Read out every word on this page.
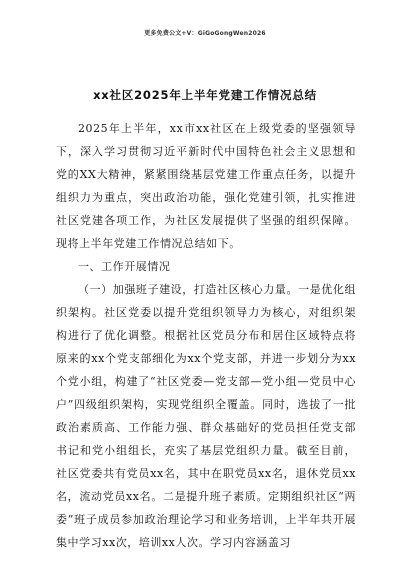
更多免费公文+V：GiGoGongWen2026
xx社区2025年上半年党建工作情况总结

2025年上半年，xx市xx社区在上级党委的坚强领导下，深入学习贯彻习近平新时代中国特色社会主义思想和党的XX大精神，紧紧围绕基层党建工作重点任务，以提升组织力为重点，突出政治功能，强化党建引领，扎实推进社区党建各项工作，为社区发展提供了坚强的组织保障。现将上半年党建工作情况总结如下。

一、工作开展情况

（一）加强班子建设，打造社区核心力量。一是优化组织架构。社区党委以提升党组织领导力为核心，对组织架构进行了优化调整。根据社区党员分布和居住区域特点将原来的xx个党支部细化为xx个党支部，并进一步划分为xx个党小组，构建了“社区党委—党支部—党小组—党员中心户”四级组织架构，实现党组织全覆盖。同时，选拔了一批政治素质高、工作能力强、群众基础好的党员担任党支部书记和党小组组长，充实了基层党组织力量。截至目前，社区党委共有党员xx名，其中在职党员xx名，退休党员xx名，流动党员xx名。二是提升班子素质。定期组织社区“两委”班子成员参加政治理论学习和业务培训，上半年共开展集中学习xx次，培训xx人次。学习内容涵盖习
